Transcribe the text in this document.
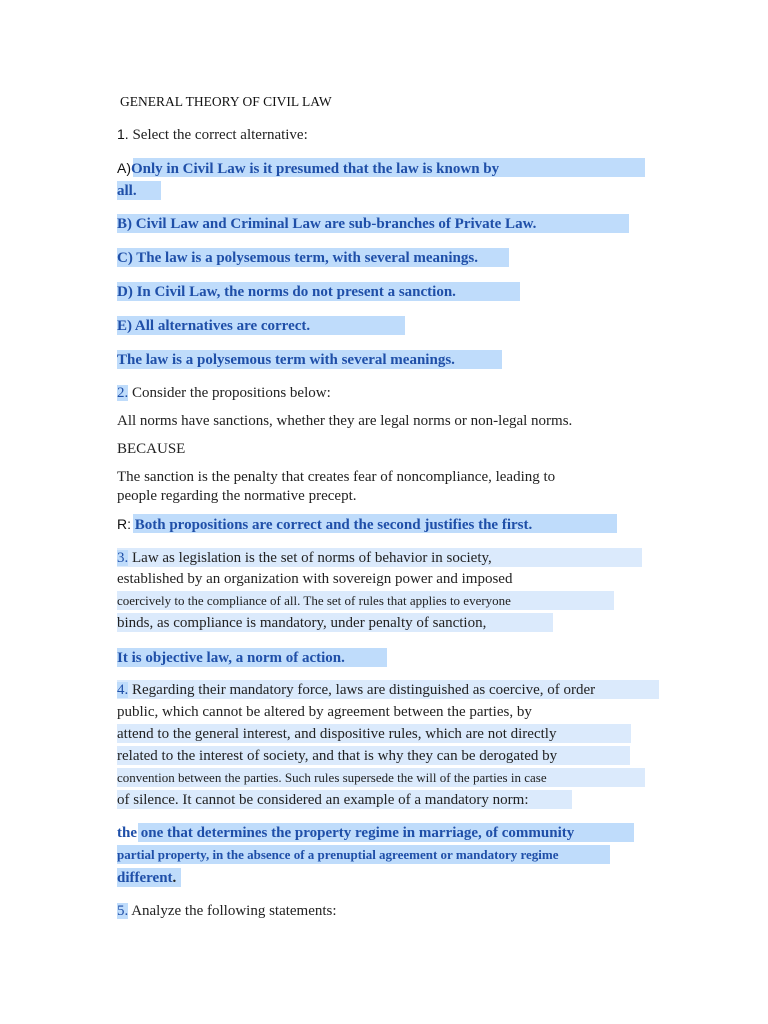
GENERAL THEORY OF CIVIL LAW
1. Select the correct alternative:
A)Only in Civil Law is it presumed that the law is known by
all.
B) Civil Law and Criminal Law are sub-branches of Private Law.
C) The law is a polysemous term, with several meanings.
D) In Civil Law, the norms do not present a sanction.
E) All alternatives are correct.
The law is a polysemous term with several meanings.
2. Consider the propositions below:
All norms have sanctions, whether they are legal norms or non-legal norms.
BECAUSE
The sanction is the penalty that creates fear of noncompliance, leading to
people regarding the normative precept.
R: Both propositions are correct and the second justifies the first.
3. Law as legislation is the set of norms of behavior in society,
established by an organization with sovereign power and imposed
coercively to the compliance of all. The set of rules that applies to everyone
binds, as compliance is mandatory, under penalty of sanction,
It is objective law, a norm of action.
4. Regarding their mandatory force, laws are distinguished as coercive, of order
public, which cannot be altered by agreement between the parties, by
attend to the general interest, and dispositive rules, which are not directly
related to the interest of society, and that is why they can be derogated by
convention between the parties. Such rules supersede the will of the parties in case
of silence. It cannot be considered an example of a mandatory norm:
the one that determines the property regime in marriage, of community
partial property, in the absence of a prenuptial agreement or mandatory regime
different.
5. Analyze the following statements:
